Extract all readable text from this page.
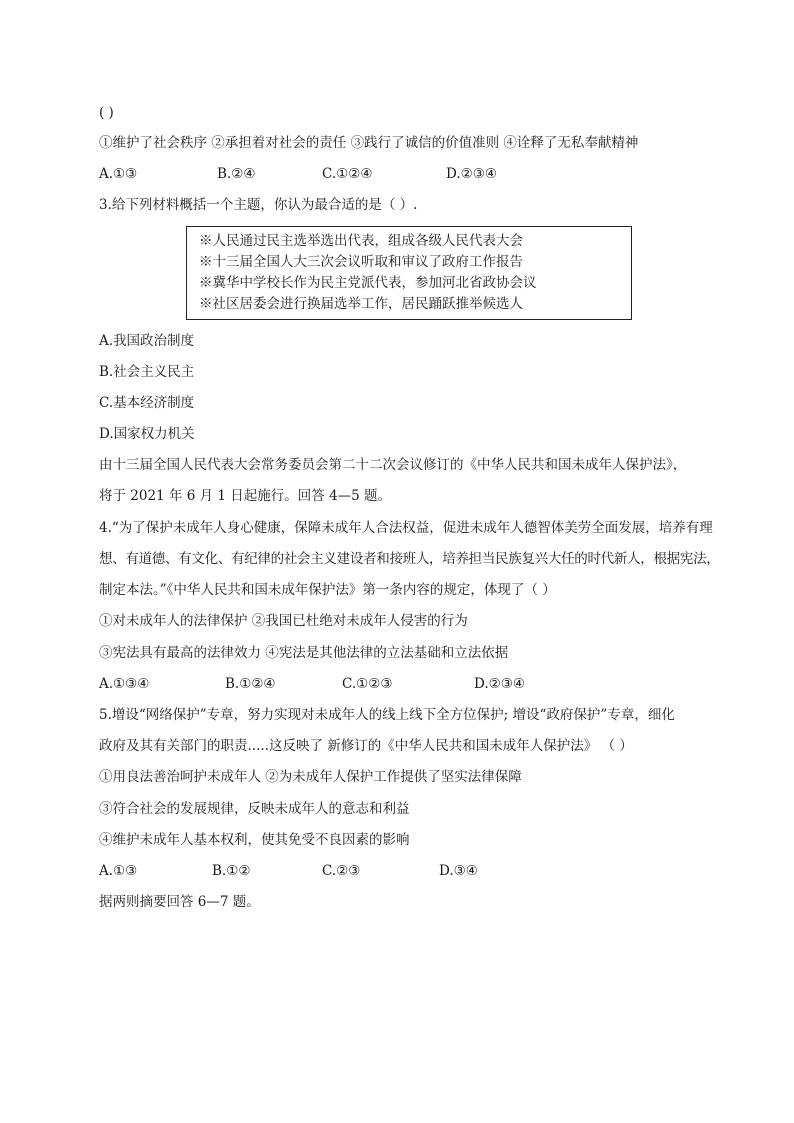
( )
①维护了社会秩序 ②承担着对社会的责任 ③践行了诚信的价值准则 ④诠释了无私奉献精神
A.①③	B.②④	C.①②④	D.②③④
3.给下列材料概括一个主题，你认为最合适的是（ ）.
※人民通过民主选举选出代表，组成各级人民代表大会
※十三届全国人大三次会议听取和审议了政府工作报告
※冀华中学校长作为民主党派代表，参加河北省政协会议
※社区居委会进行换届选举工作，居民踊跃推举候选人
A.我国政治制度
B.社会主义民主
C.基本经济制度
D.国家权力机关
由十三届全国人民代表大会常务委员会第二十二次会议修订的《中华人民共和国未成年人保护法》，
将于 2021 年 6 月 1 日起施行。回答 4—5 题。
4.“为了保护未成年人身心健康，保障未成年人合法权益，促进未成年人德智体美劳全面发展，培养有理
想、有道德、有文化、有纪律的社会主义建设者和接班人，培养担当民族复兴大任的时代新人，根据宪法，
制定本法。”《中华人民共和国未成年保护法》第一条内容的规定，体现了（ ）
①对未成年人的法律保护 ②我国已杜绝对未成年人侵害的行为
③宪法具有最高的法律效力 ④宪法是其他法律的立法基础和立法依据
A.①③④	B.①②④	C.①②③	D.②③④
5.增设“网络保护”专章，努力实现对未成年人的线上线下全方位保护; 增设“政府保护”专章，细化
政府及其有关部门的职责.....这反映了 新修订的《中华人民共和国未成年人保护法》 （ ）
①用良法善治呵护未成年人 ②为未成年人保护工作提供了坚实法律保障
③符合社会的发展规律，反映未成年人的意志和利益
④维护未成年人基本权利，使其免受不良因素的影响
A.①③	B.①②	C.②③	D.③④
据两则摘要回答 6—7 题。
